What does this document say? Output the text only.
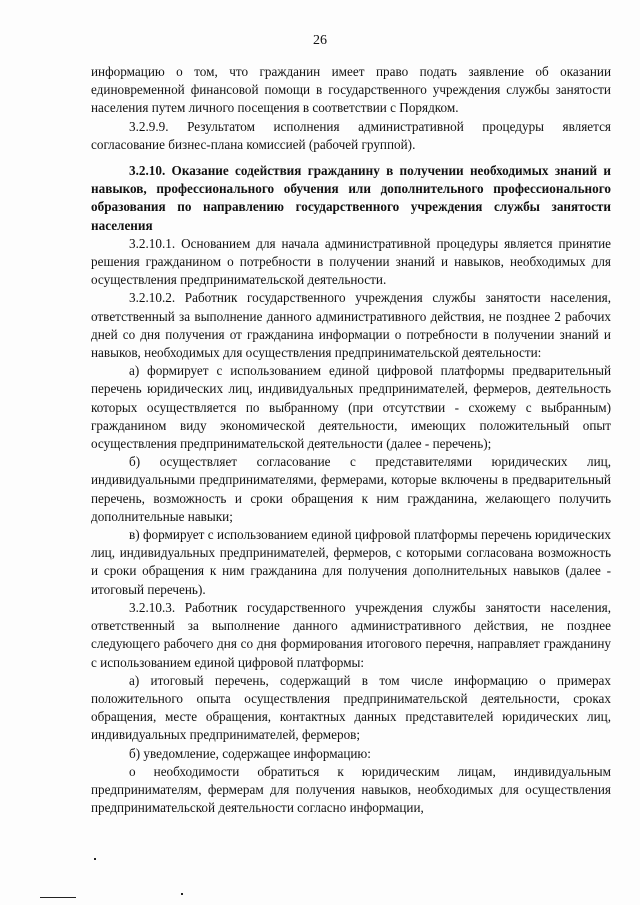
26

информацию о том, что гражданин имеет право подать заявление об оказании единовременной финансовой помощи в государственного учреждения службы занятости населения путем личного посещения в соответствии с Порядком.

3.2.9.9. Результатом исполнения административной процедуры является согласование бизнес-плана комиссией (рабочей группой).

3.2.10. Оказание содействия гражданину в получении необходимых знаний и навыков, профессионального обучения или дополнительного профессионального образования по направлению государственного учреждения службы занятости населения

3.2.10.1. Основанием для начала административной процедуры является принятие решения гражданином о потребности в получении знаний и навыков, необходимых для осуществления предпринимательской деятельности.

3.2.10.2. Работник государственного учреждения службы занятости населения, ответственный за выполнение данного административного действия, не позднее 2 рабочих дней со дня получения от гражданина информации о потребности в получении знаний и навыков, необходимых для осуществления предпринимательской деятельности:

а) формирует с использованием единой цифровой платформы предварительный перечень юридических лиц, индивидуальных предпринимателей, фермеров, деятельность которых осуществляется по выбранному (при отсутствии - схожему с выбранным) гражданином виду экономической деятельности, имеющих положительный опыт осуществления предпринимательской деятельности (далее - перечень);

б) осуществляет согласование с представителями юридических лиц, индивидуальными предпринимателями, фермерами, которые включены в предварительный перечень, возможность и сроки обращения к ним гражданина, желающего получить дополнительные навыки;

в) формирует с использованием единой цифровой платформы перечень юридических лиц, индивидуальных предпринимателей, фермеров, с которыми согласована возможность и сроки обращения к ним гражданина для получения дополнительных навыков (далее - итоговый перечень).

3.2.10.3. Работник государственного учреждения службы занятости населения, ответственный за выполнение данного административного действия, не позднее следующего рабочего дня со дня формирования итогового перечня, направляет гражданину с использованием единой цифровой платформы:

а) итоговый перечень, содержащий в том числе информацию о примерах положительного опыта осуществления предпринимательской деятельности, сроках обращения, месте обращения, контактных данных представителей юридических лиц, индивидуальных предпринимателей, фермеров;

б) уведомление, содержащее информацию:

о необходимости обратиться к юридическим лицам, индивидуальным предпринимателям, фермерам для получения навыков, необходимых для осуществления предпринимательской деятельности согласно информации,
